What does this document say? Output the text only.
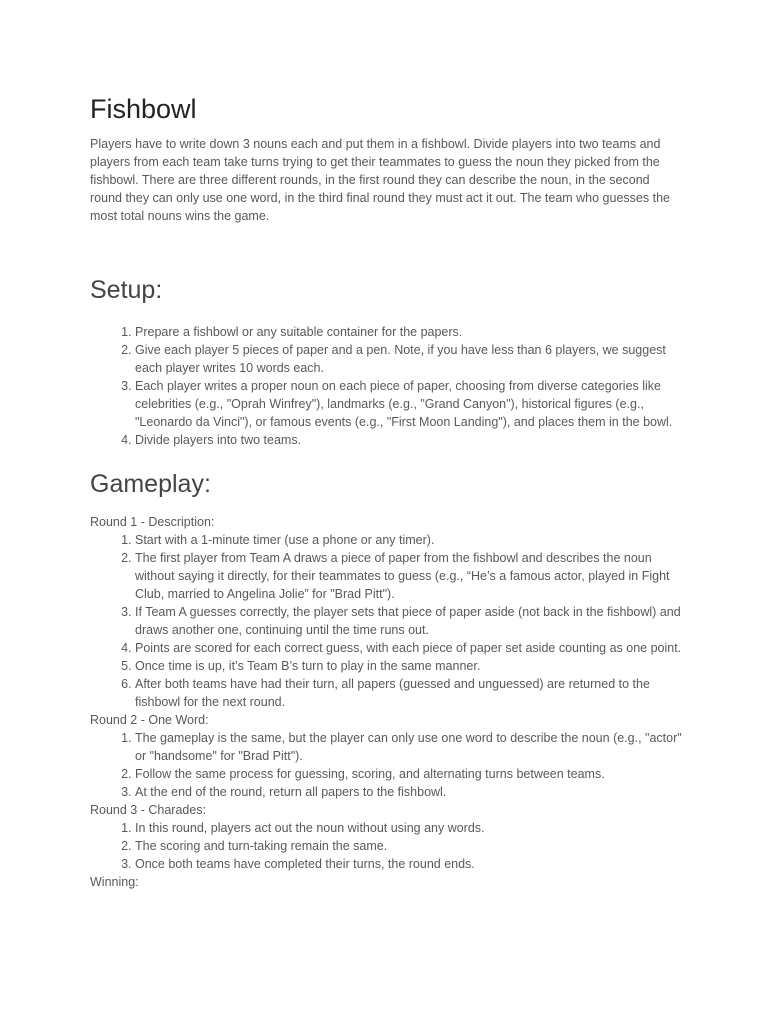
Fishbowl

Players have to write down 3 nouns each and put them in a fishbowl. Divide players into two teams and players from each team take turns trying to get their teammates to guess the noun they picked from the fishbowl. There are three different rounds, in the first round they can describe the noun, in the second round they can only use one word, in the third final round they must act it out. The team who guesses the most total nouns wins the game.

Setup:
1. Prepare a fishbowl or any suitable container for the papers.
2. Give each player 5 pieces of paper and a pen. Note, if you have less than 6 players, we suggest each player writes 10 words each.
3. Each player writes a proper noun on each piece of paper, choosing from diverse categories like celebrities (e.g., "Oprah Winfrey"), landmarks (e.g., "Grand Canyon"), historical figures (e.g., "Leonardo da Vinci"), or famous events (e.g., "First Moon Landing"), and places them in the bowl.
4. Divide players into two teams.
Gameplay:
Round 1 - Description:
1. Start with a 1-minute timer (use a phone or any timer).
2. The first player from Team A draws a piece of paper from the fishbowl and describes the noun without saying it directly, for their teammates to guess (e.g., “He’s a famous actor, played in Fight Club, married to Angelina Jolie” for "Brad Pitt").
3. If Team A guesses correctly, the player sets that piece of paper aside (not back in the fishbowl) and draws another one, continuing until the time runs out.
4. Points are scored for each correct guess, with each piece of paper set aside counting as one point.
5. Once time is up, it’s Team B’s turn to play in the same manner.
6. After both teams have had their turn, all papers (guessed and unguessed) are returned to the fishbowl for the next round.
Round 2 - One Word:
1. The gameplay is the same, but the player can only use one word to describe the noun (e.g., "actor" or "handsome" for "Brad Pitt").
2. Follow the same process for guessing, scoring, and alternating turns between teams.
3. At the end of the round, return all papers to the fishbowl.
Round 3 - Charades:
1. In this round, players act out the noun without using any words.
2. The scoring and turn-taking remain the same.
3. Once both teams have completed their turns, the round ends.
Winning:
